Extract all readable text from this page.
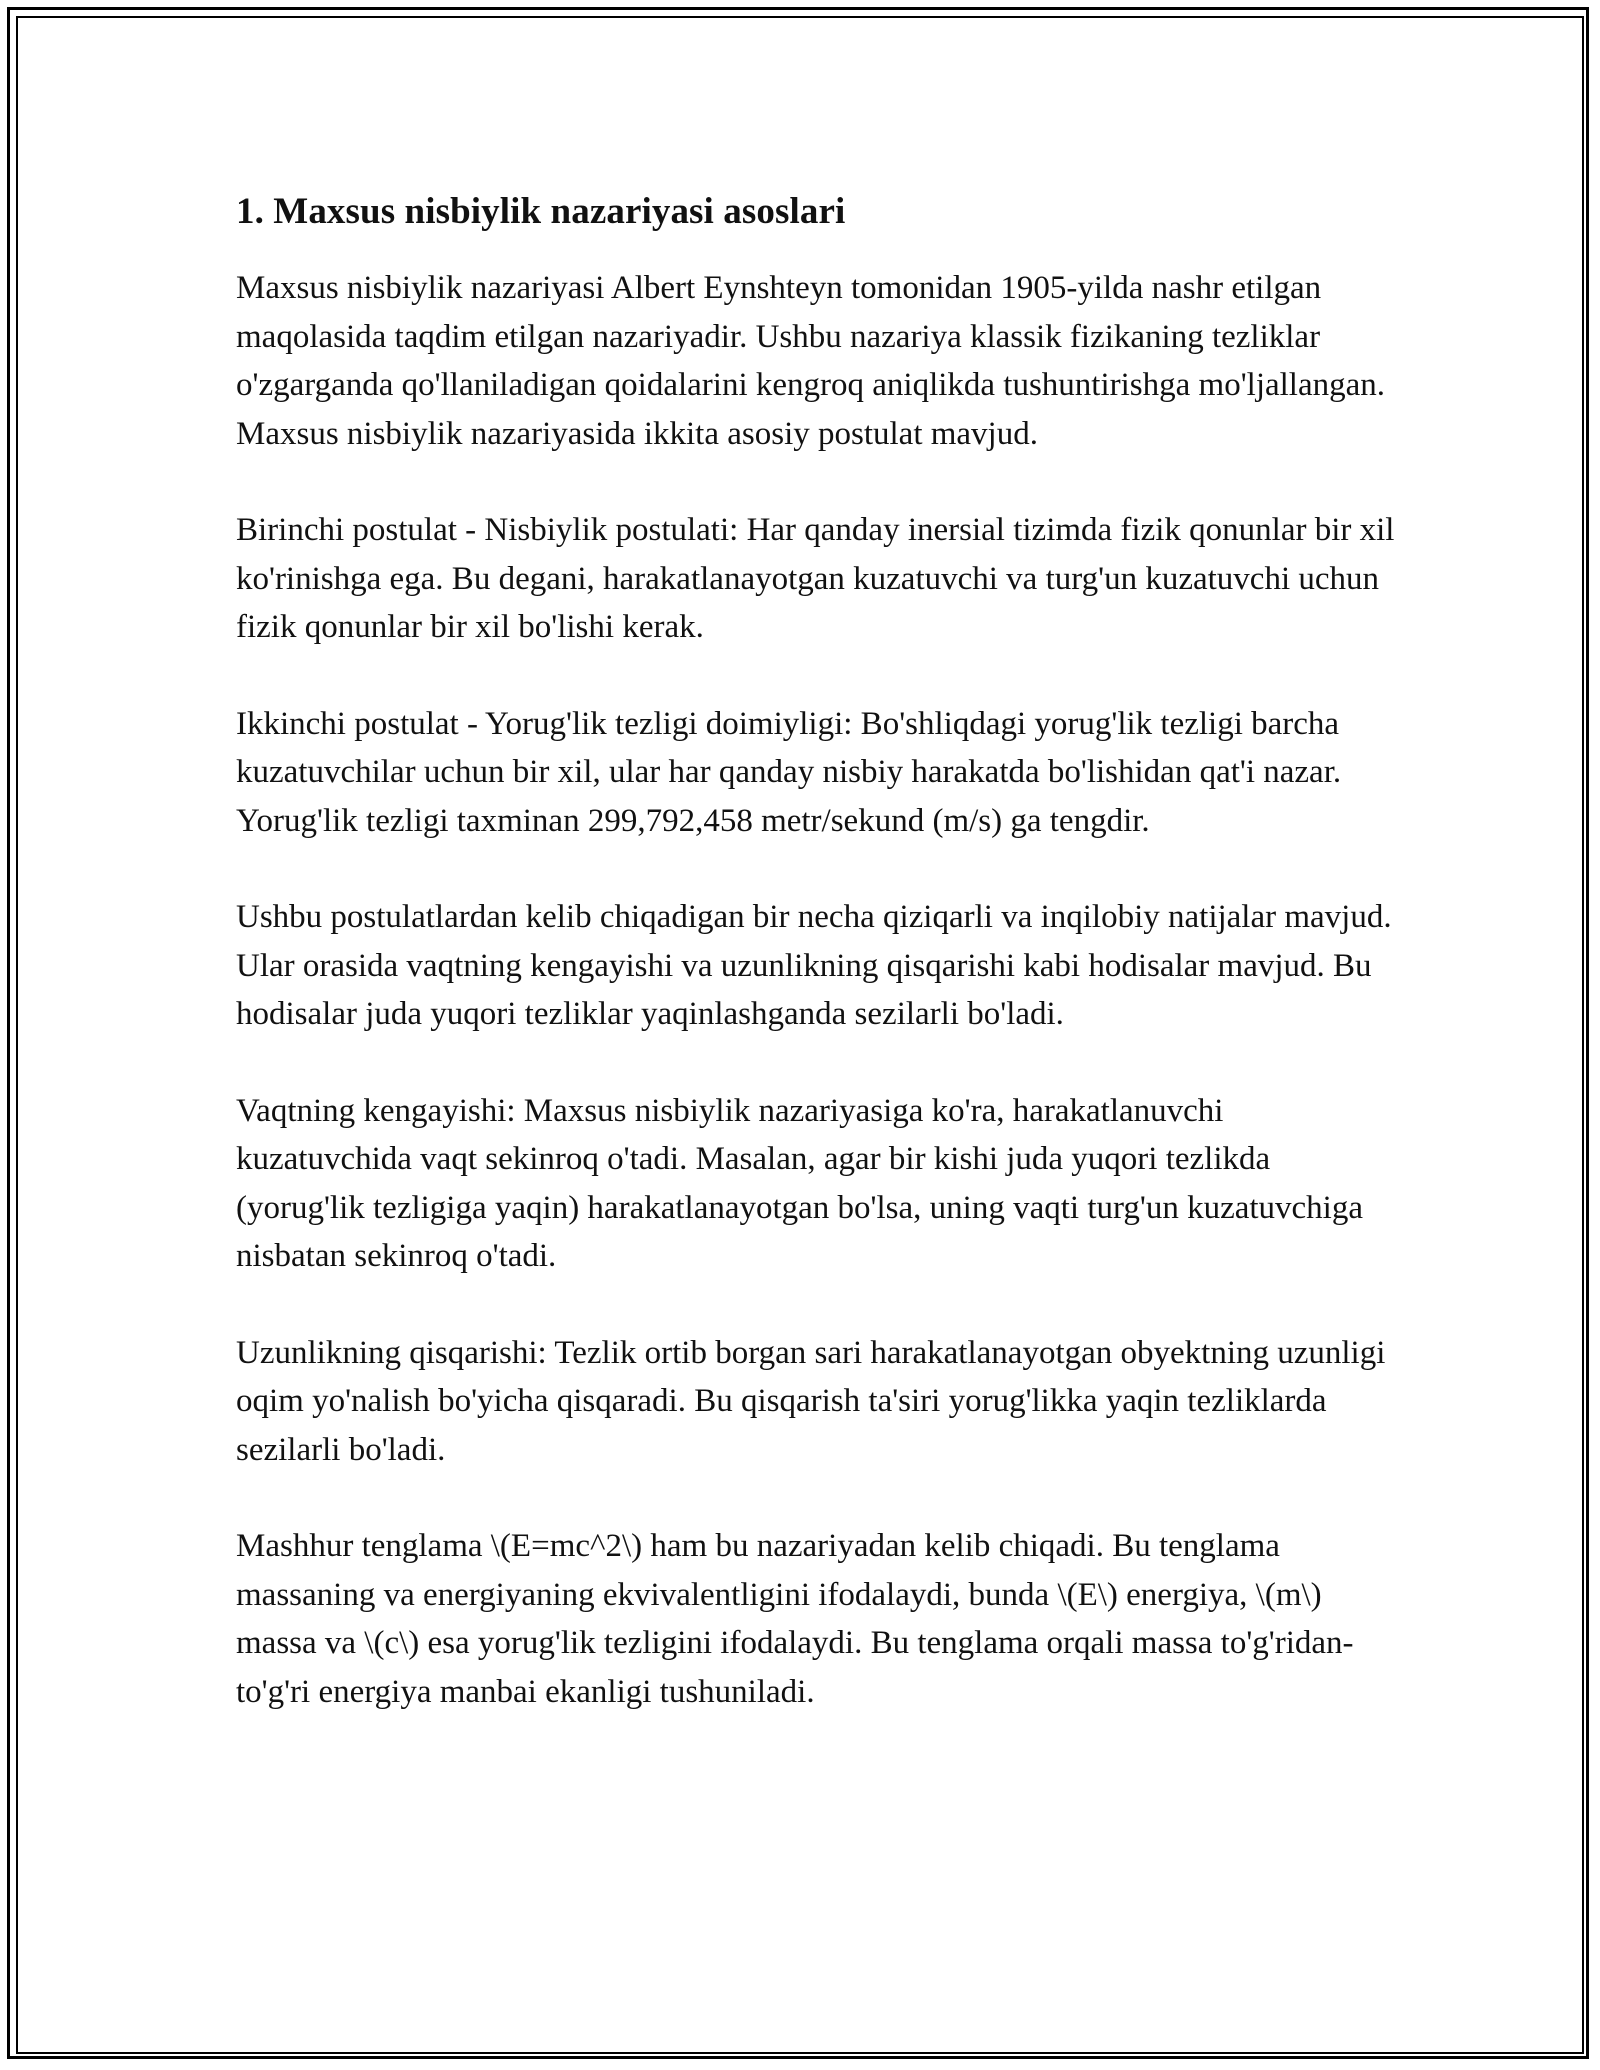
1. Maxsus nisbiylik nazariyasi asoslari

Maxsus nisbiylik nazariyasi Albert Eynshteyn tomonidan 1905-yilda nashr etilgan maqolasida taqdim etilgan nazariyadir. Ushbu nazariya klassik fizikaning tezliklar o'zgarganda qo'llaniladigan qoidalarini kengroq aniqlikda tushuntirishga mo'ljallangan. Maxsus nisbiylik nazariyasida ikkita asosiy postulat mavjud.

Birinchi postulat - Nisbiylik postulati: Har qanday inersial tizimda fizik qonunlar bir xil ko'rinishga ega. Bu degani, harakatlanayotgan kuzatuvchi va turg'un kuzatuvchi uchun fizik qonunlar bir xil bo'lishi kerak.

Ikkinchi postulat - Yorug'lik tezligi doimiyligi: Bo'shliqdagi yorug'lik tezligi barcha kuzatuvchilar uchun bir xil, ular har qanday nisbiy harakatda bo'lishidan qat'i nazar. Yorug'lik tezligi taxminan 299,792,458 metr/sekund (m/s) ga tengdir.

Ushbu postulatlardan kelib chiqadigan bir necha qiziqarli va inqilobiy natijalar mavjud. Ular orasida vaqtning kengayishi va uzunlikning qisqarishi kabi hodisalar mavjud. Bu hodisalar juda yuqori tezliklar yaqinlashganda sezilarli bo'ladi.

Vaqtning kengayishi: Maxsus nisbiylik nazariyasiga ko'ra, harakatlanuvchi kuzatuvchida vaqt sekinroq o'tadi. Masalan, agar bir kishi juda yuqori tezlikda (yorug'lik tezligiga yaqin) harakatlanayotgan bo'lsa, uning vaqti turg'un kuzatuvchiga nisbatan sekinroq o'tadi.

Uzunlikning qisqarishi: Tezlik ortib borgan sari harakatlanayotgan obyektning uzunligi oqim yo'nalish bo'yicha qisqaradi. Bu qisqarish ta'siri yorug'likka yaqin tezliklarda sezilarli bo'ladi.

Mashhur tenglama \(E=mc^2\) ham bu nazariyadan kelib chiqadi. Bu tenglama massaning va energiyaning ekvivalentligini ifodalaydi, bunda \(E\) energiya, \(m\) massa va \(c\) esa yorug'lik tezligini ifodalaydi. Bu tenglama orqali massa to'g'ridan-to'g'ri energiya manbai ekanligi tushuniladi.
